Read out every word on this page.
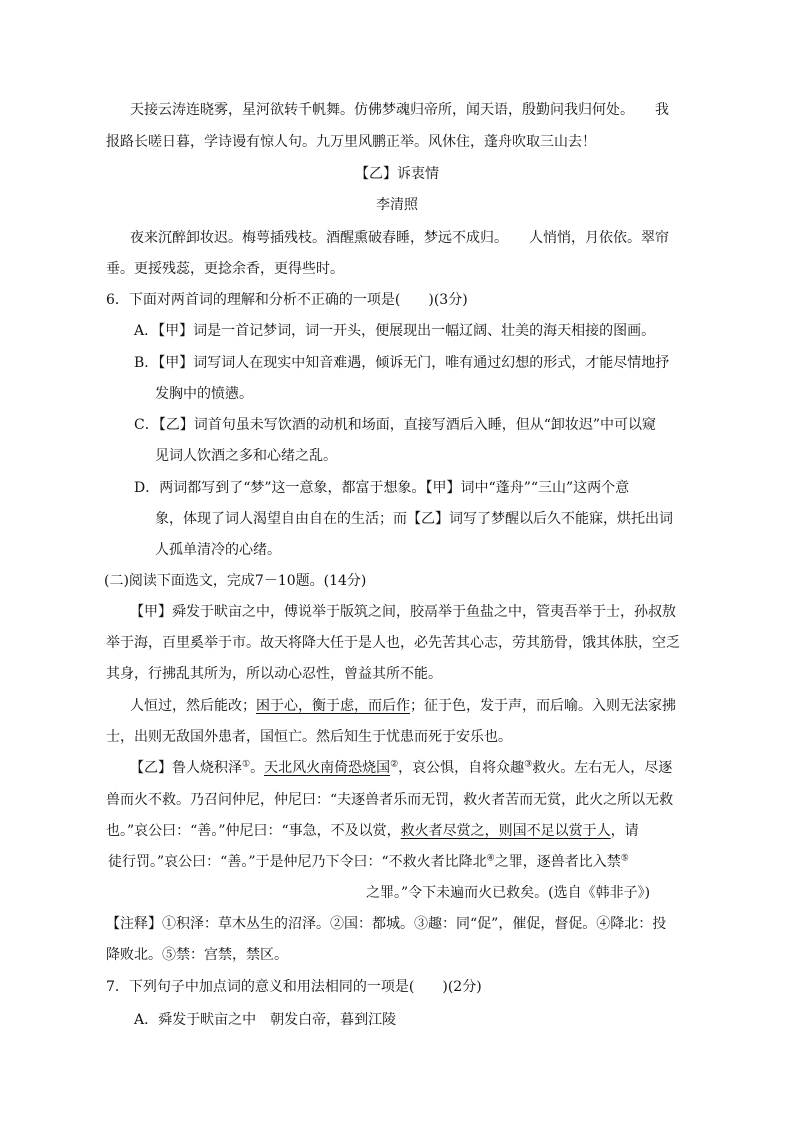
天接云涛连晓雾，星河欲转千帆舞。仿佛梦魂归帝所，闻天语，殷勤问我归何处。　　我
报路长嗟日暮，学诗谩有惊人句。九万里风鹏正举。风休住，蓬舟吹取三山去！
【乙】诉衷情
李清照
夜来沉醉卸妆迟。梅萼插残枝。酒醒熏破春睡，梦远不成归。　　人悄悄，月依依。翠帘
垂。更挼残蕊，更捻余香，更得些时。
6．下面对两首词的理解和分析不正确的一项是(　　)(3分)
A．【甲】词是一首记梦词，词一开头，便展现出一幅辽阔、壮美的海天相接的图画。
B．【甲】词写词人在现实中知音难遇，倾诉无门，唯有通过幻想的形式，才能尽情地抒
发胸中的愤懑。
C．【乙】词首句虽未写饮酒的动机和场面，直接写酒后入睡，但从“卸妆迟”中可以窥
见词人饮酒之多和心绪之乱。
D．两词都写到了“梦”这一意象，都富于想象。【甲】词中“蓬舟”“三山”这两个意
象，体现了词人渴望自由自在的生活；而【乙】词写了梦醒以后久不能寐，烘托出词
人孤单清冷的心绪。
(二)阅读下面选文，完成7－10题。(14分)
【甲】舜发于畎亩之中，傅说举于版筑之间，胶鬲举于鱼盐之中，管夷吾举于士，孙叔敖
举于海，百里奚举于市。故天将降大任于是人也，必先苦其心志，劳其筋骨，饿其体肤，空乏
其身，行拂乱其所为，所以动心忍性，曾益其所不能。
人恒过，然后能改；困于心，衡于虑，而后作；征于色，发于声，而后喻。入则无法家拂
士，出则无敌国外患者，国恒亡。然后知生于忧患而死于安乐也。
【乙】鲁人烧积泽①。天北风火南倚恐烧国②，哀公惧，自将众趣③救火。左右无人，尽逐
兽而火不救。乃召问仲尼，仲尼曰：“夫逐兽者乐而无罚，救火者苦而无赏，此火之所以无救
也。”哀公曰：“善。”仲尼曰：“事急，不及以赏，救火者尽赏之，则国不足以赏于人，请
徒行罚。”哀公曰：“善。”于是仲尼乃下令曰：“不救火者比降北④之罪，逐兽者比入禁⑤
之罪。”令下未遍而火已救矣。(选自《韩非子》)
【注释】①积泽：草木丛生的沼泽。②国：都城。③趣：同“促”，催促，督促。④降北：投
降败北。⑤禁：宫禁，禁区。
7．下列句子中加点词的意义和用法相同的一项是(　　)(2分)
A．舜发于畎亩之中　朝发白帝，暮到江陵
